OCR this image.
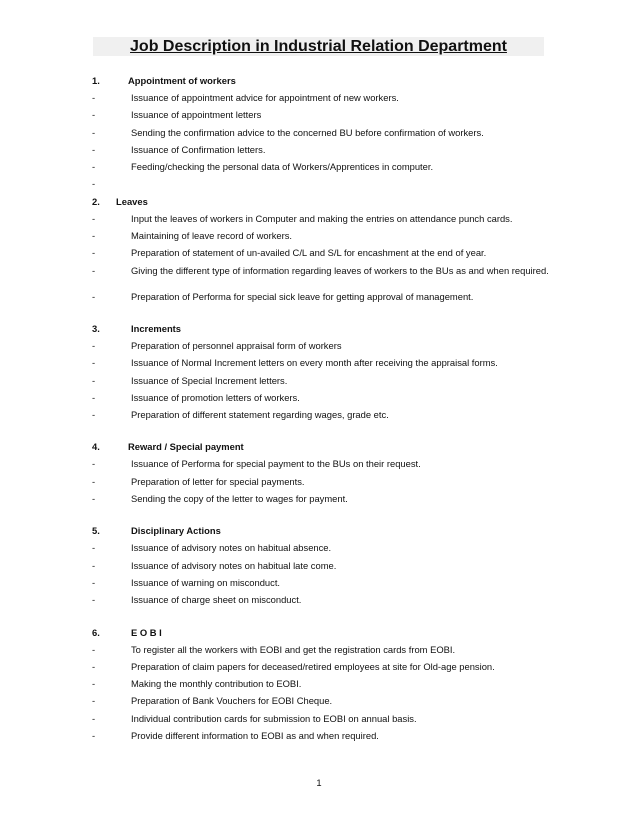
Job Description in Industrial Relation Department
1.	Appointment of workers
-	Issuance of appointment advice for appointment of new workers.
-	Issuance of appointment letters
-	Sending the confirmation advice to the concerned BU before confirmation of workers.
-	Issuance of Confirmation letters.
-	Feeding/checking the personal data of Workers/Apprentices in computer.
-
2. Leaves
-	Input the leaves of workers in Computer and making the entries on attendance punch cards.
-	Maintaining of leave record of workers.
-	Preparation of statement of un-availed C/L and S/L for encashment at the end of year.
-	Giving the different type of information regarding leaves of workers to the BUs as and when required.
-	Preparation of Performa for special sick leave for getting approval of management.
3.	Increments
-	Preparation of personnel appraisal form of workers
-	Issuance of Normal Increment letters on every month after receiving the appraisal forms.
-	Issuance of Special Increment letters.
-	Issuance of promotion letters of workers.
-	Preparation of different statement regarding wages, grade etc.
4.	Reward / Special payment
-	Issuance of Performa for special payment to the BUs on their request.
-	Preparation of letter for special payments.
-	Sending the copy of the letter to wages for payment.
5.	Disciplinary Actions
-	Issuance of advisory notes on habitual absence.
-	Issuance of advisory notes on habitual late come.
-	Issuance of warning on misconduct.
-	Issuance of charge sheet on misconduct.
6.	E O B I
-	To register all the workers with EOBI and get the registration cards from EOBI.
-	Preparation of claim papers for deceased/retired employees at site for Old-age pension.
-	Making the monthly contribution to EOBI.
-	Preparation of Bank Vouchers for EOBI Cheque.
-	Individual contribution cards for submission to EOBI on annual basis.
-	Provide different information to EOBI as and when required.
1
